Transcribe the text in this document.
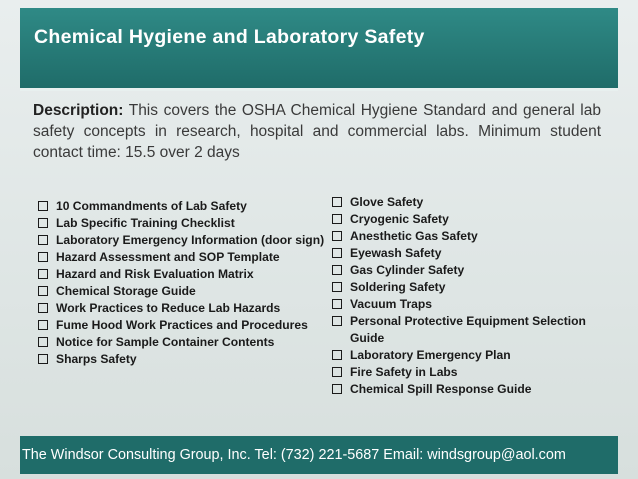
Chemical Hygiene and Laboratory Safety
Description: This covers the OSHA Chemical Hygiene Standard and general lab safety concepts in research, hospital and commercial labs. Minimum student contact time: 15.5 over 2 days
10 Commandments of Lab Safety
Lab Specific Training Checklist
Laboratory Emergency Information (door sign)
Hazard Assessment and SOP Template
Hazard and Risk Evaluation Matrix
Chemical Storage Guide
Work Practices to Reduce Lab Hazards
Fume Hood Work Practices and Procedures
Notice for Sample Container Contents
Sharps Safety
Glove Safety
Cryogenic Safety
Anesthetic Gas Safety
Eyewash Safety
Gas Cylinder Safety
Soldering Safety
Vacuum Traps
Personal Protective Equipment Selection Guide
Laboratory Emergency Plan
Fire Safety in Labs
Chemical Spill Response Guide
The Windsor Consulting Group, Inc. Tel: (732) 221-5687 Email: windsgroup@aol.com
